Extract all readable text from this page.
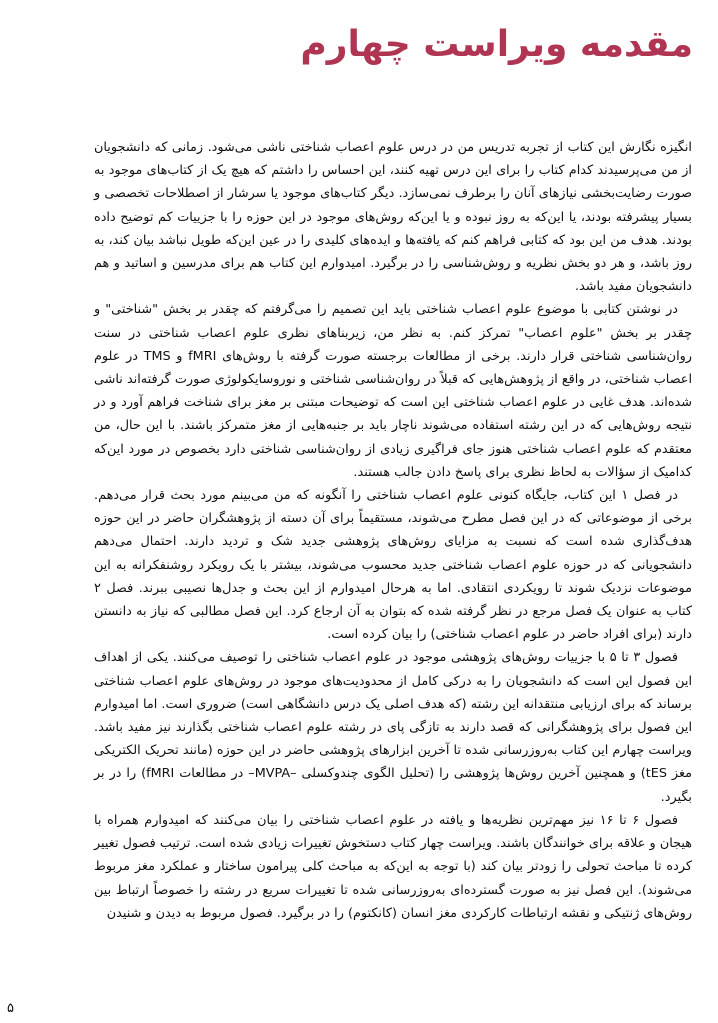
مقدمه ویراست چهارم

انگیزه نگارش این کتاب از تجربه تدریس من در درس علوم اعصاب شناختی ناشی می‌شود. زمانی که دانشجویان از من می‌پرسیدند کدام کتاب را برای این درس تهیه کنند، این احساس را داشتم که هیچ یک از کتاب‌های موجود به صورت رضایت‌بخشی نیازهای آنان را برطرف نمی‌سازد. دیگر کتاب‌های موجود یا سرشار از اصطلاحات تخصصی و بسیار پیشرفته بودند، یا این‌که به روز نبوده و یا این‌که روش‌های موجود در این حوزه را با جزییات کم توضیح داده بودند. هدف من این بود که کتابی فراهم کنم که یافته‌ها و ایده‌های کلیدی را در عین این‌که طویل نباشد بیان کند، به روز باشد، و هر دو بخش نظریه و روش‌شناسی را در برگیرد. امیدوارم این کتاب هم برای مدرسین و اساتید و هم دانشجویان مفید باشد.

در نوشتن کتابی با موضوع علوم اعصاب شناختی باید این تصمیم را می‌گرفتم که چقدر بر بخش "شناختی" و چقدر بر بخش "علوم اعصاب" تمرکز کنم. به نظر من، زیربناهای نظری علوم اعصاب شناختی در سنت روان‌شناسی شناختی قرار دارند. برخی از مطالعات برجسته صورت گرفته با روش‌های fMRI و TMS در علوم اعصاب شناختی، در واقع از پژوهش‌هایی که قبلاً در روان‌شناسی شناختی و نوروسایکولوژی صورت گرفته‌اند ناشی شده‌اند. هدف غایی در علوم اعصاب شناختی این است که توضیحات مبتنی بر مغز برای شناخت فراهم آورد و در نتیجه روش‌هایی که در این رشته استفاده می‌شوند ناچار باید بر جنبه‌هایی از مغز متمرکز باشند. با این حال، من معتقدم که علوم اعصاب شناختی هنوز جای فراگیری زیادی از روان‌شناسی شناختی دارد بخصوص در مورد این‌که کدامیک از سؤالات به لحاظ نظری برای پاسخ دادن جالب هستند.

در فصل ۱ این کتاب، جایگاه کنونی علوم اعصاب شناختی را آنگونه که من می‌بینم مورد بحث قرار می‌دهم. برخی از موضوعاتی که در این فصل مطرح می‌شوند، مستقیماً برای آن دسته از پژوهشگران حاضر در این حوزه هدف‌گذاری شده است که نسبت به مزایای روش‌های پژوهشی جدید شک و تردید دارند. احتمال می‌دهم دانشجویانی که در حوزه علوم اعصاب شناختی جدید محسوب می‌شوند، بیشتر با یک رویکرد روشنفکرانه به این موضوعات نزدیک شوند تا رویکردی انتقادی. اما به هرحال امیدوارم از این بحث و جدل‌ها نصیبی ببرند. فصل ۲ کتاب به عنوان یک فصل مرجع در نظر گرفته شده که بتوان به آن ارجاع کرد. این فصل مطالبی که نیاز به دانستن دارند (برای افراد حاضر در علوم اعصاب شناختی) را بیان کرده است.

فصول ۳ تا ۵ با جزییات روش‌های پژوهشی موجود در علوم اعصاب شناختی را توصیف می‌کنند. یکی از اهداف این فصول این است که دانشجویان را به درکی کامل از محدودیت‌های موجود در روش‌های علوم اعصاب شناختی برساند که برای ارزیابی منتقدانه این رشته (که هدف اصلی یک درس دانشگاهی است) ضروری است. اما امیدوارم این فصول برای پژوهشگرانی که قصد دارند به تازگی پای در رشته علوم اعصاب شناختی بگذارند نیز مفید باشد. ویراست چهارم این کتاب به‌روزرسانی شده تا آخرین ابزارهای پژوهشی حاضر در این حوزه (مانند تحریک الکتریکی مغز tES) و همچنین آخرین روش‌ها پژوهشی را (تحلیل الگوی چندوکسلی –MVPA– در مطالعات fMRI) را در بر بگیرد.

فصول ۶ تا ۱۶ نیز مهم‌ترین نظریه‌ها و یافته در علوم اعصاب شناختی را بیان می‌کنند که امیدوارم همراه با هیجان و علاقه برای خوانندگان باشند. ویراست چهار کتاب دستخوش تغییرات زیادی شده است. ترتیب فصول تغییر کرده تا مباحث تحولی را زودتر بیان کند (با توجه به این‌که به مباحث کلی پیرامون ساختار و عملکرد مغز مربوط می‌شوند). این فصل نیز به صورت گسترده‌ای به‌روزرسانی شده تا تغییرات سریع در رشته را خصوصاً ارتباط بین روش‌های ژنتیکی و نقشه ارتباطات کارکردی مغز انسان (کانکتوم) را در برگیرد. فصول مربوط به دیدن و شنیدن

۵
